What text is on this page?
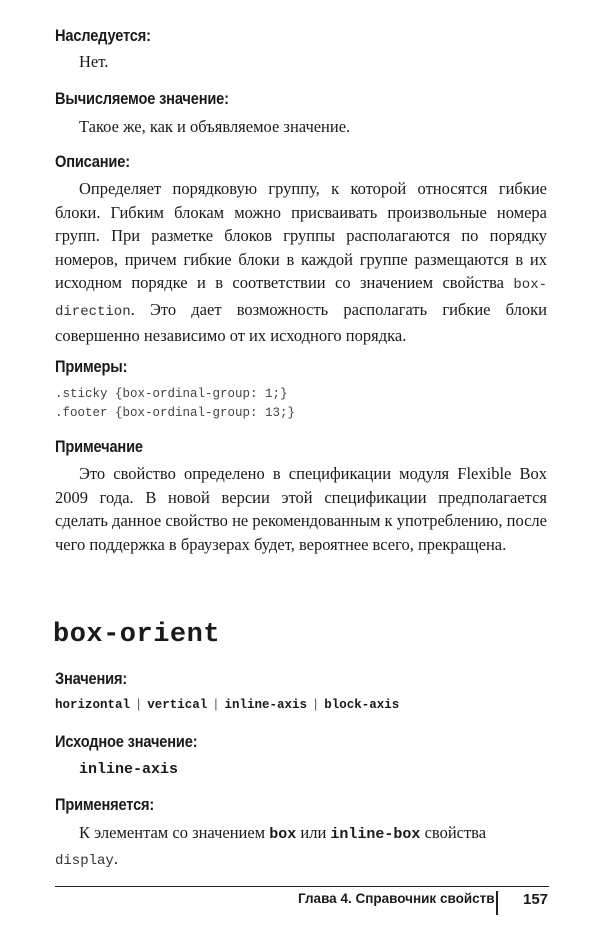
Наследуется:
Нет.
Вычисляемое значение:
Такое же, как и объявляемое значение.
Описание:
Определяет порядковую группу, к которой относятся гибкие блоки. Гибким блокам можно присваивать произвольные номера групп. При разметке блоков группы располагаются по порядку номеров, причем гибкие блоки в каждой группе размещаются в их исходном порядке и в соответствии со значением свойства box-direction. Это дает возможность располагать гибкие блоки совершенно независимо от их исходного порядка.
Примеры:
.sticky {box-ordinal-group: 1;}
.footer {box-ordinal-group: 13;}
Примечание
Это свойство определено в спецификации модуля Flexible Box 2009 года. В новой версии этой спецификации предполагается сделать данное свойство не рекомендованным к употреблению, после чего поддержка в браузерах будет, вероятнее всего, прекращена.
box-orient
Значения:
horizontal | vertical | inline-axis | block-axis
Исходное значение:
inline-axis
Применяется:
К элементам со значением box или inline-box свойства
display.
Глава 4. Справочник свойств 157
